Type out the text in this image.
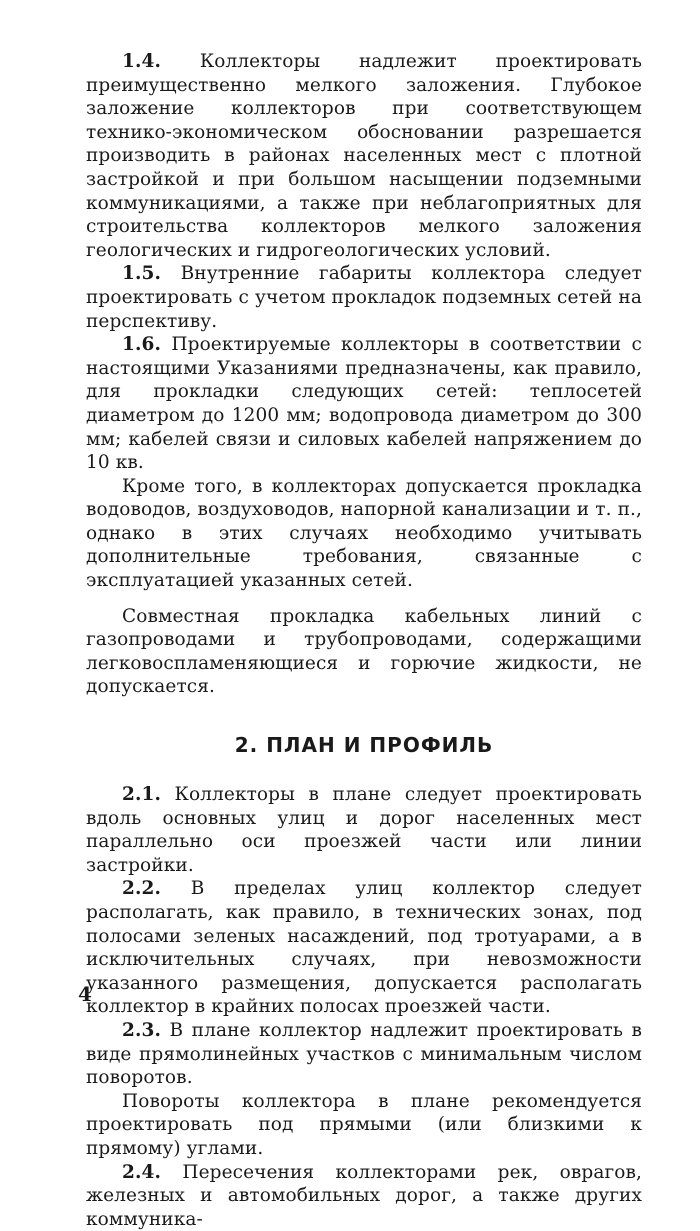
1.4. Коллекторы надлежит проектировать преимущественно мелкого заложения. Глубокое заложение коллекторов при соответствующем технико-экономическом обосновании разрешается производить в районах населенных мест с плотной застройкой и при большом насыщении подземными коммуникациями, а также при неблагоприятных для строительства коллекторов мелкого заложения геологических и гидрогеологических условий.

1.5. Внутренние габариты коллектора следует проектировать с учетом прокладок подземных сетей на перспективу.

1.6. Проектируемые коллекторы в соответствии с настоящими Указаниями предназначены, как правило, для прокладки следующих сетей: теплосетей диаметром до 1200 мм; водопровода диаметром до 300 мм; кабелей связи и силовых кабелей напряжением до 10 кв.

Кроме того, в коллекторах допускается прокладка водоводов, воздуховодов, напорной канализации и т. п., однако в этих случаях необходимо учитывать дополнительные требования, связанные с эксплуатацией указанных сетей.

Совместная прокладка кабельных линий с газопроводами и трубопроводами, содержащими легковоспламеняющиеся и горючие жидкости, не допускается.

2. ПЛАН И ПРОФИЛЬ

2.1. Коллекторы в плане следует проектировать вдоль основных улиц и дорог населенных мест параллельно оси проезжей части или линии застройки.

2.2. В пределах улиц коллектор следует располагать, как правило, в технических зонах, под полосами зеленых насаждений, под тротуарами, а в исключительных случаях, при невозможности указанного размещения, допускается располагать коллектор в крайних полосах проезжей части.

2.3. В плане коллектор надлежит проектировать в виде прямолинейных участков с минимальным числом поворотов.

Повороты коллектора в плане рекомендуется проектировать под прямыми (или близкими к прямому) углами.

2.4. Пересечения коллекторами рек, оврагов, железных и автомобильных дорог, а также других коммуника-

4
